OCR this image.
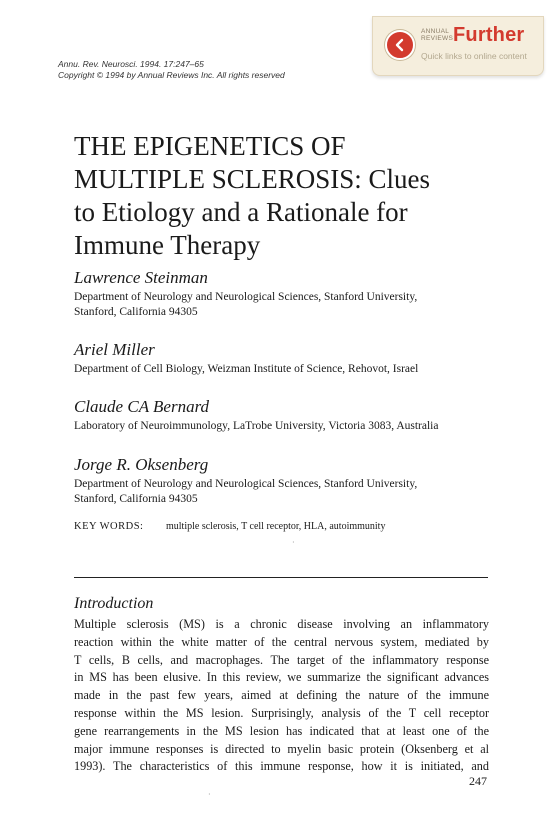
ANNUAL
REVIEWS Further
Quick links to online content
Annu. Rev. Neurosci. 1994. 17:247–65
Copyright © 1994 by Annual Reviews Inc. All rights reserved
THE EPIGENETICS OF
MULTIPLE SCLEROSIS: Clues
to Etiology and a Rationale for
Immune Therapy
Lawrence Steinman
Department of Neurology and Neurological Sciences, Stanford University,
Stanford, California 94305
Ariel Miller
Department of Cell Biology, Weizman Institute of Science, Rehovot, Israel
Claude CA Bernard
Laboratory of Neuroimmunology, LaTrobe University, Victoria 3083, Australia
Jorge R. Oksenberg
Department of Neurology and Neurological Sciences, Stanford University,
Stanford, California 94305
KEY WORDS: multiple sclerosis, T cell receptor, HLA, autoimmunity
·
Introduction
Multiple sclerosis (MS) is a chronic disease involving an inflammatory
reaction within the white matter of the central nervous system, mediated by
T cells, B cells, and macrophages. The target of the inflammatory response
in MS has been elusive. In this review, we summarize the significant advances
made in the past few years, aimed at defining the nature of the immune
response within the MS lesion. Surprisingly, analysis of the T cell receptor
gene rearrangements in the MS lesion has indicated that at least one of the
major immune responses is directed to myelin basic protein (Oksenberg et al
1993). The characteristics of this immune response, how it is initiated, and
247
·
